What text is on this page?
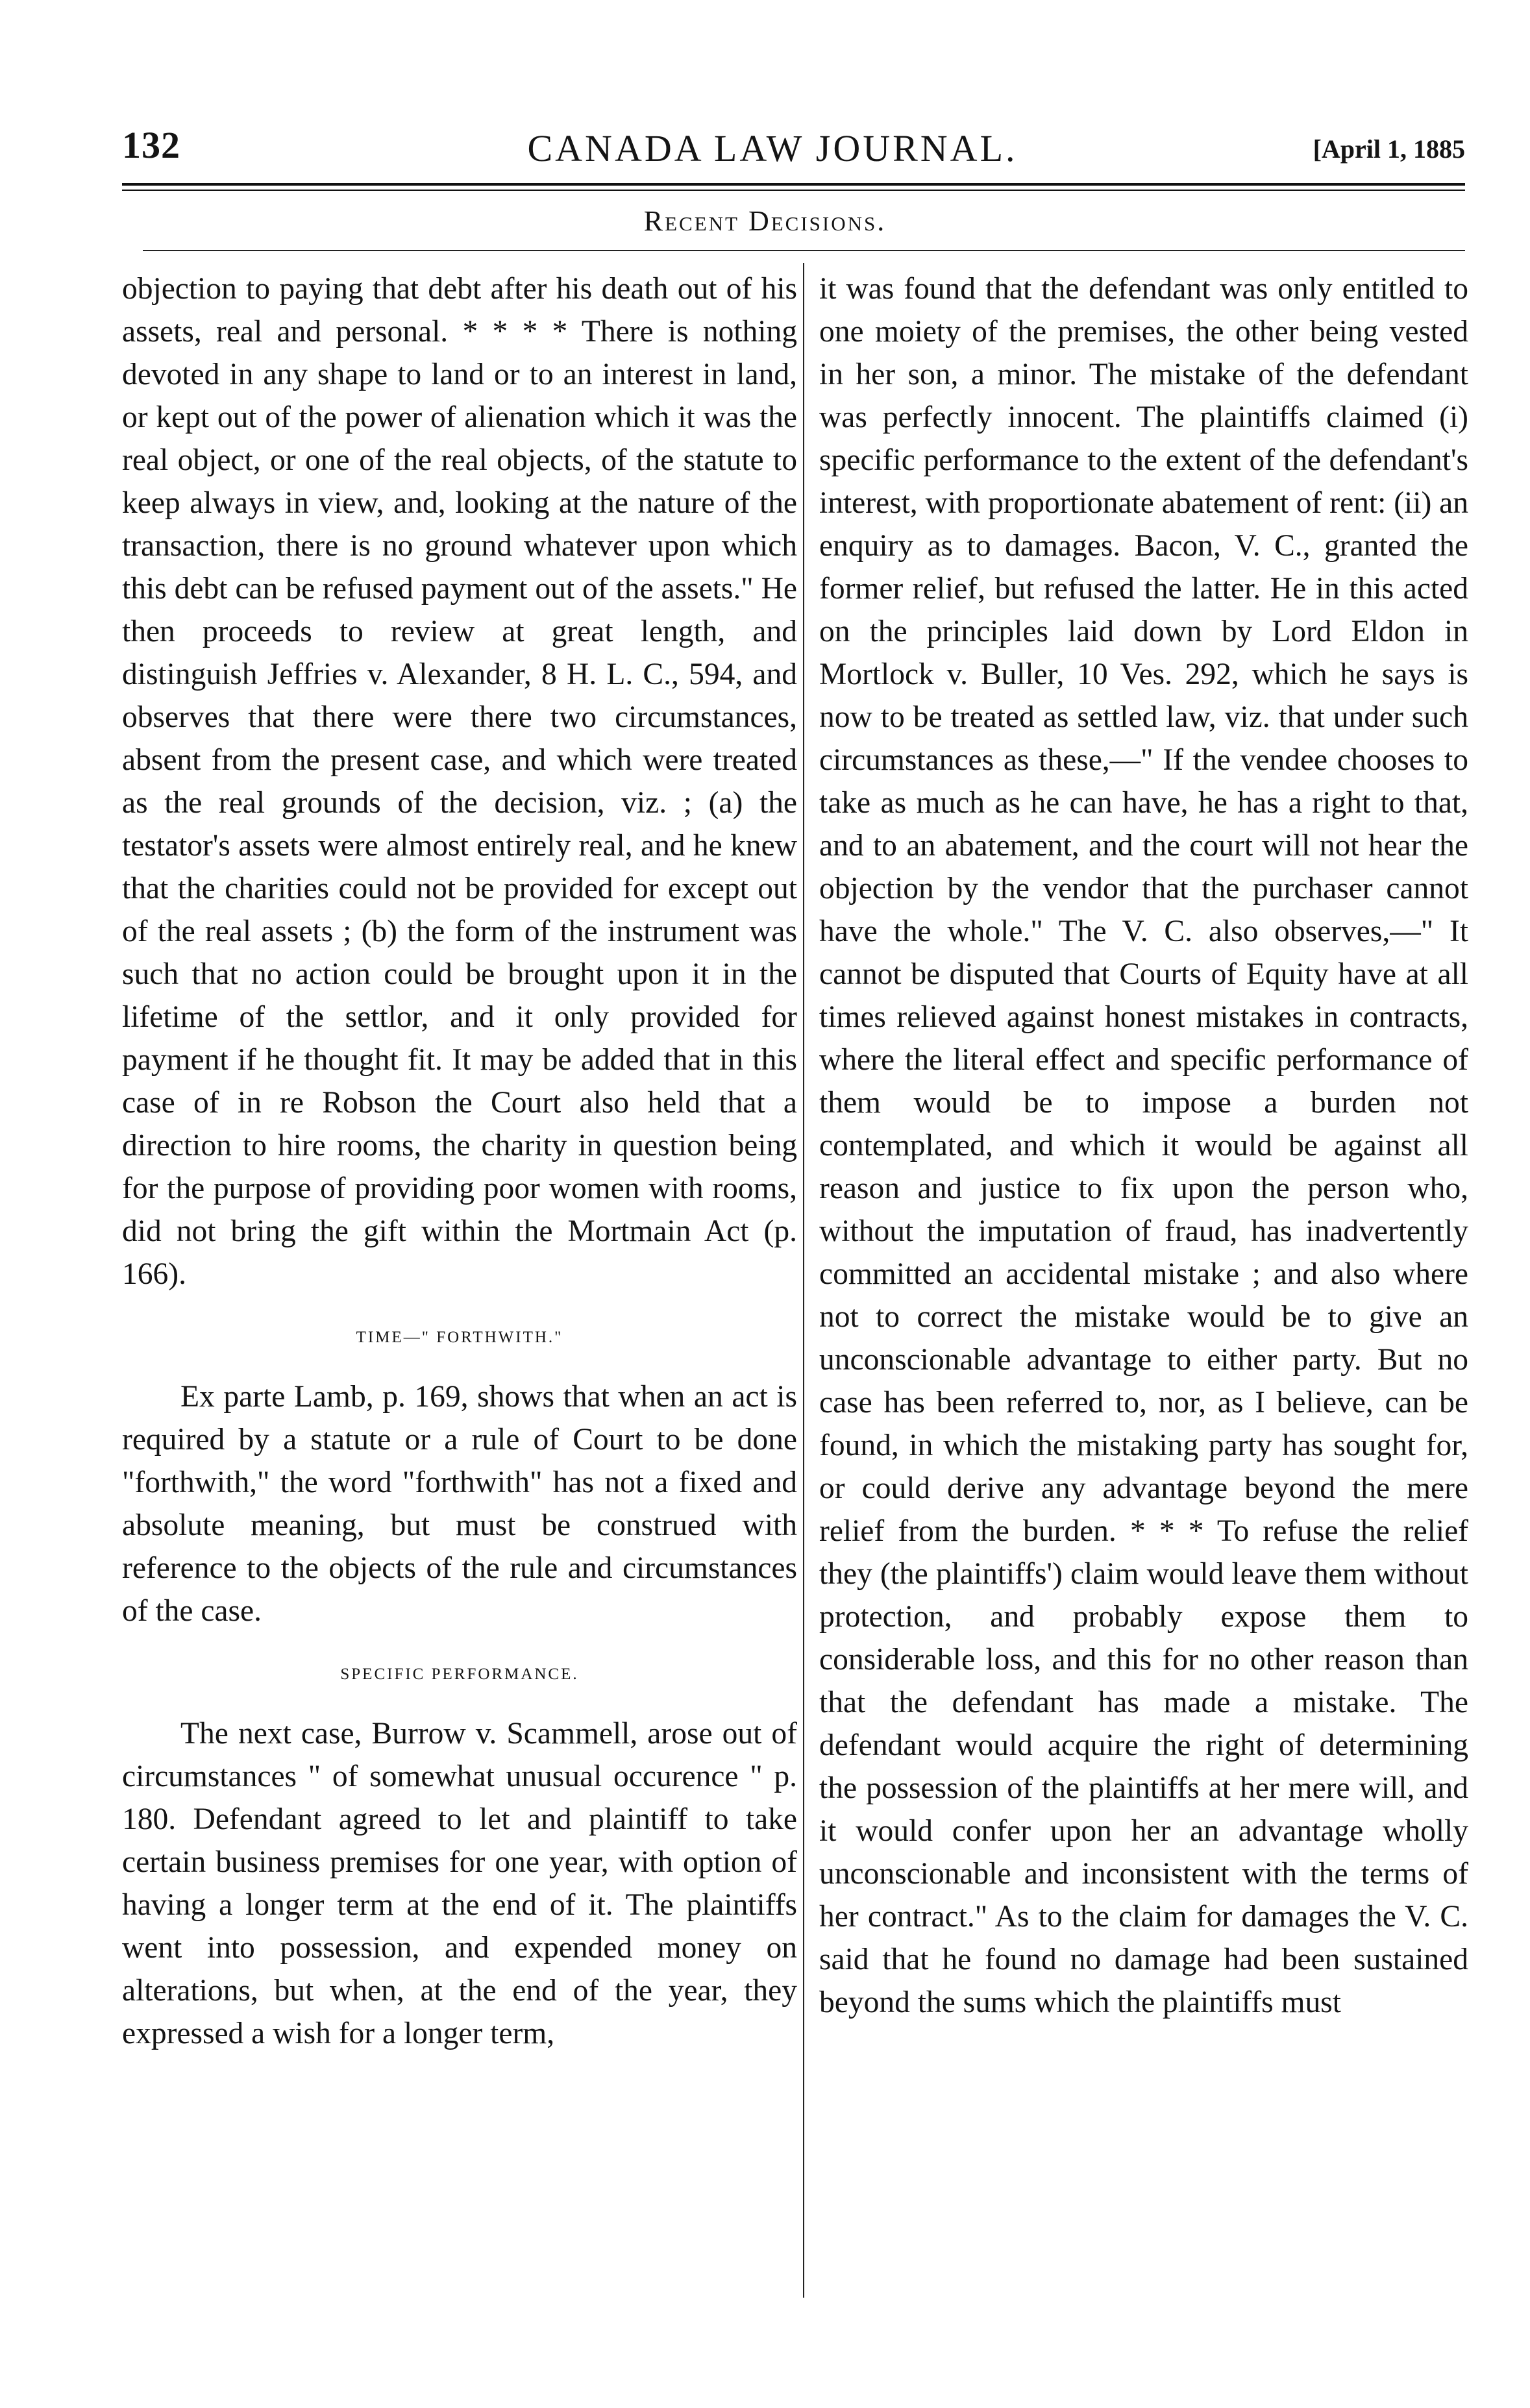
132	CANADA LAW JOURNAL.	[April 1, 1885
Recent Decisions.

objection to paying that debt after his death out of his assets, real and personal. * * * * There is nothing devoted in any shape to land or to an interest in land, or kept out of the power of alienation which it was the real object, or one of the real objects, of the statute to keep always in view, and, looking at the nature of the transaction, there is no ground whatever upon which this debt can be refused payment out of the assets." He then proceeds to review at great length, and distinguish Jeffries v. Alexander, 8 H. L. C., 594, and observes that there were there two circumstances, absent from the present case, and which were treated as the real grounds of the decision, viz. ; (a) the testator's assets were almost entirely real, and he knew that the charities could not be provided for except out of the real assets ; (b) the form of the instrument was such that no action could be brought upon it in the lifetime of the settlor, and it only provided for payment if he thought fit. It may be added that in this case of in re Robson the Court also held that a direction to hire rooms, the charity in question being for the purpose of providing poor women with rooms, did not bring the gift within the Mortmain Act (p. 166).

TIME—" FORTHWITH."

Ex parte Lamb, p. 169, shows that when an act is required by a statute or a rule of Court to be done "forthwith," the word "forthwith" has not a fixed and absolute meaning, but must be construed with reference to the objects of the rule and circumstances of the case.

SPECIFIC PERFORMANCE.

The next case, Burrow v. Scammell, arose out of circumstances " of somewhat unusual occurence " p. 180. Defendant agreed to let and plaintiff to take certain business premises for one year, with option of having a longer term at the end of it. The plaintiffs went into possession, and expended money on alterations, but when, at the end of the year, they expressed a wish for a longer term,

it was found that the defendant was only entitled to one moiety of the premises, the other being vested in her son, a minor. The mistake of the defendant was perfectly innocent. The plaintiffs claimed (i) specific performance to the extent of the defendant's interest, with proportionate abatement of rent: (ii) an enquiry as to damages. Bacon, V. C., granted the former relief, but refused the latter. He in this acted on the principles laid down by Lord Eldon in Mortlock v. Buller, 10 Ves. 292, which he says is now to be treated as settled law, viz. that under such circumstances as these,—" If the vendee chooses to take as much as he can have, he has a right to that, and to an abatement, and the court will not hear the objection by the vendor that the purchaser cannot have the whole." The V. C. also observes,—" It cannot be disputed that Courts of Equity have at all times relieved against honest mistakes in contracts, where the literal effect and specific performance of them would be to impose a burden not contemplated, and which it would be against all reason and justice to fix upon the person who, without the imputation of fraud, has inadvertently committed an accidental mistake ; and also where not to correct the mistake would be to give an unconscionable advantage to either party. But no case has been referred to, nor, as I believe, can be found, in which the mistaking party has sought for, or could derive any advantage beyond the mere relief from the burden. * * * To refuse the relief they (the plaintiffs') claim would leave them without protection, and probably expose them to considerable loss, and this for no other reason than that the defendant has made a mistake. The defendant would acquire the right of determining the possession of the plaintiffs at her mere will, and it would confer upon her an advantage wholly unconscionable and inconsistent with the terms of her contract." As to the claim for damages the V. C. said that he found no damage had been sustained beyond the sums which the plaintiffs must
